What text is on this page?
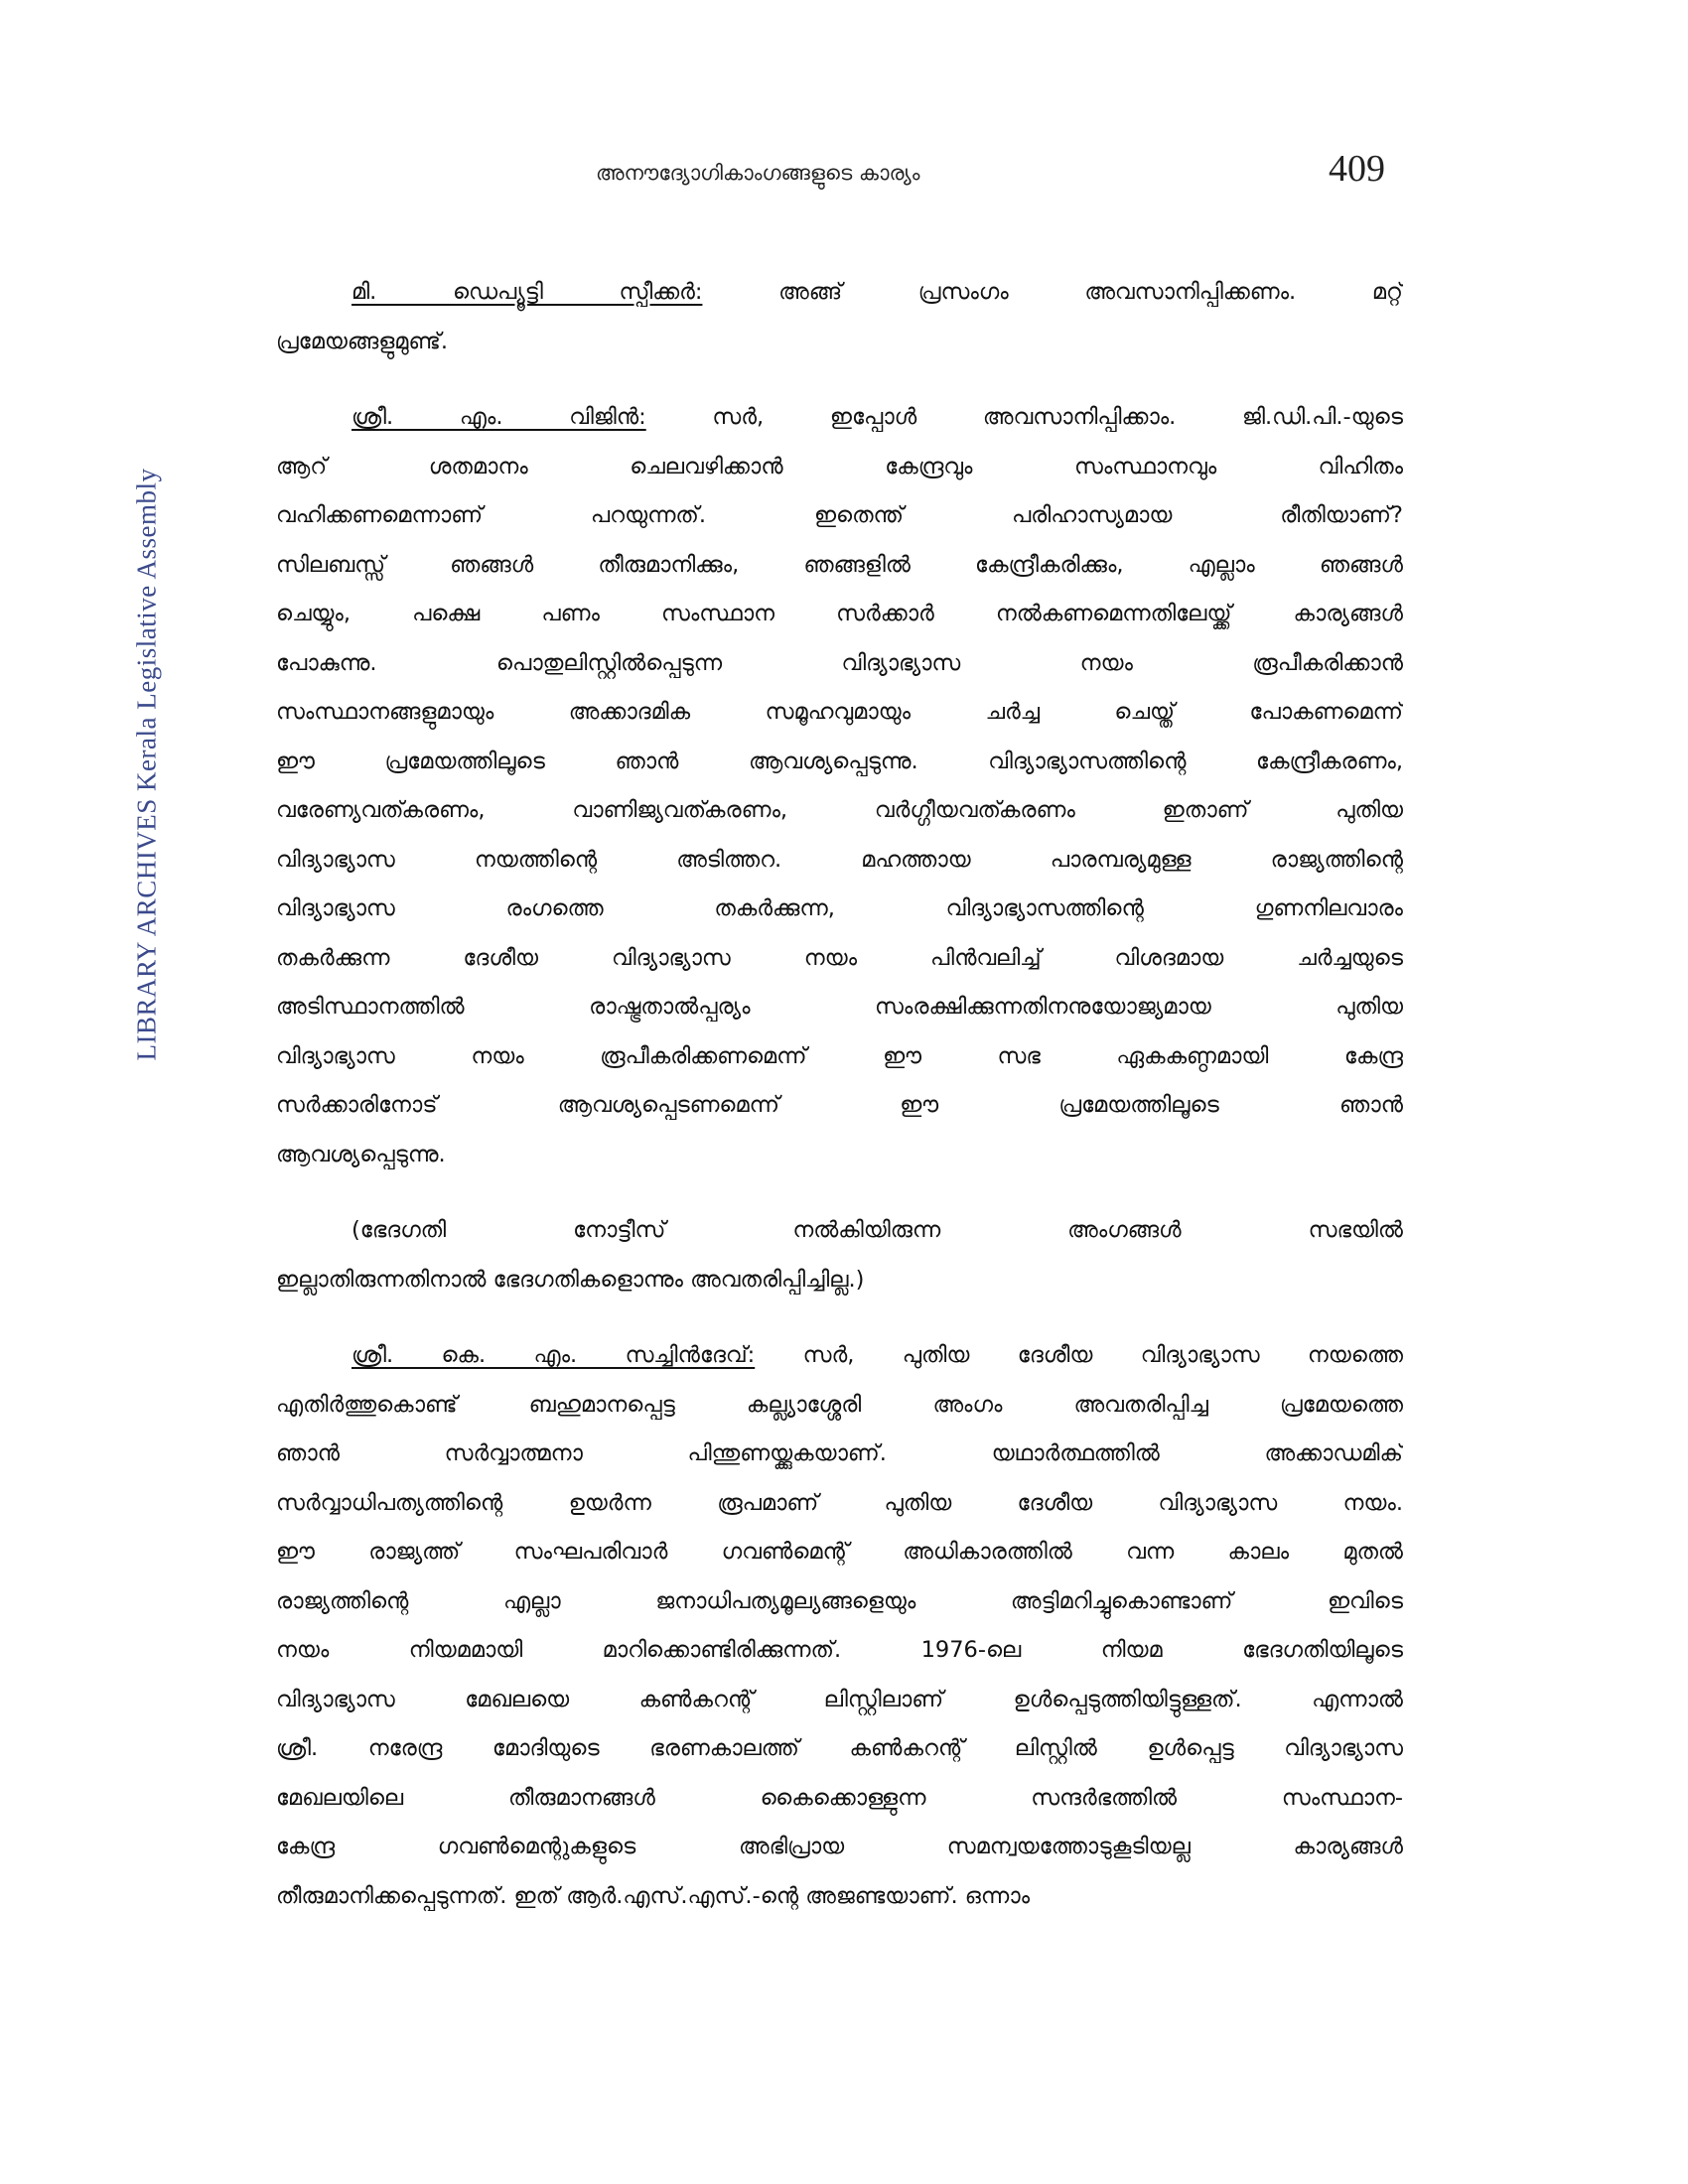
LIBRARY ARCHIVES Kerala Legislative Assembly
അനൗദ്യോഗികാംഗങ്ങളുടെ കാര്യം	409
മി. ഡെപ്യൂട്ടി സ്പീക്കർ: അങ്ങ് പ്രസംഗം അവസാനിപ്പിക്കണം. മറ്റ്
പ്രമേയങ്ങളുമുണ്ട്.
ശ്രീ. എം. വിജിൻ: സർ, ഇപ്പോൾ അവസാനിപ്പിക്കാം. ജി.ഡി.പി.-യുടെ
ആറ് ശതമാനം ചെലവഴിക്കാൻ കേന്ദ്രവും സംസ്ഥാനവും വിഹിതം
വഹിക്കണമെന്നാണ് പറയുന്നത്. ഇതെന്ത് പരിഹാസ്യമായ രീതിയാണ്?
സിലബസ്സ് ഞങ്ങൾ തീരുമാനിക്കും, ഞങ്ങളിൽ കേന്ദ്രീകരിക്കും, എല്ലാം ഞങ്ങൾ
ചെയ്യും, പക്ഷെ പണം സംസ്ഥാന സർക്കാർ നൽകണമെന്നതിലേയ്ക്ക് കാര്യങ്ങൾ
പോകുന്നു. പൊതുലിസ്റ്റിൽപ്പെടുന്ന വിദ്യാഭ്യാസ നയം രൂപീകരിക്കാൻ
സംസ്ഥാനങ്ങളുമായും അക്കാദമിക സമൂഹവുമായും ചർച്ച ചെയ്ത് പോകണമെന്ന്
ഈ പ്രമേയത്തിലൂടെ ഞാൻ ആവശ്യപ്പെടുന്നു. വിദ്യാഭ്യാസത്തിന്റെ കേന്ദ്രീകരണം,
വരേണ്യവത്കരണം, വാണിജ്യവത്കരണം, വർഗ്ഗീയവത്കരണം ഇതാണ് പുതിയ
വിദ്യാഭ്യാസ നയത്തിന്റെ അടിത്തറ. മഹത്തായ പാരമ്പര്യമുള്ള രാജ്യത്തിന്റെ
വിദ്യാഭ്യാസ രംഗത്തെ തകർക്കുന്ന, വിദ്യാഭ്യാസത്തിന്റെ ഗുണനിലവാരം
തകർക്കുന്ന ദേശീയ വിദ്യാഭ്യാസ നയം പിൻവലിച്ച് വിശദമായ ചർച്ചയുടെ
അടിസ്ഥാനത്തിൽ രാഷ്ട്രതാൽപ്പര്യം സംരക്ഷിക്കുന്നതിനനുയോജ്യമായ പുതിയ
വിദ്യാഭ്യാസ നയം രൂപീകരിക്കണമെന്ന് ഈ സഭ ഏകകണ്ഠമായി കേന്ദ്ര
സർക്കാരിനോട് ആവശ്യപ്പെടണമെന്ന് ഈ പ്രമേയത്തിലൂടെ ഞാൻ
ആവശ്യപ്പെടുന്നു.
(ഭേദഗതി നോട്ടീസ് നൽകിയിരുന്ന അംഗങ്ങൾ സഭയിൽ
ഇല്ലാതിരുന്നതിനാൽ ഭേദഗതികളൊന്നും അവതരിപ്പിച്ചില്ല.)
ശ്രീ. കെ. എം. സച്ചിൻദേവ്: സർ, പുതിയ ദേശീയ വിദ്യാഭ്യാസ നയത്തെ
എതിർത്തുകൊണ്ട് ബഹുമാനപ്പെട്ട കല്ല്യാശ്ശേരി അംഗം അവതരിപ്പിച്ച പ്രമേയത്തെ
ഞാൻ സർവ്വാത്മനാ പിന്തുണയ്ക്കുകയാണ്. യഥാർത്ഥത്തിൽ അക്കാഡമിക്
സർവ്വാധിപത്യത്തിന്റെ ഉയർന്ന രൂപമാണ് പുതിയ ദേശീയ വിദ്യാഭ്യാസ നയം.
ഈ രാജ്യത്ത് സംഘപരിവാർ ഗവൺമെന്റ് അധികാരത്തിൽ വന്ന കാലം മുതൽ
രാജ്യത്തിന്റെ എല്ലാ ജനാധിപത്യമൂല്യങ്ങളെയും അട്ടിമറിച്ചുകൊണ്ടാണ് ഇവിടെ
നയം നിയമമായി മാറിക്കൊണ്ടിരിക്കുന്നത്. 1976-ലെ നിയമ ഭേദഗതിയിലൂടെ
വിദ്യാഭ്യാസ മേഖലയെ കൺകറന്റ് ലിസ്റ്റിലാണ് ഉൾപ്പെടുത്തിയിട്ടുള്ളത്. എന്നാൽ
ശ്രീ. നരേന്ദ്ര മോദിയുടെ ഭരണകാലത്ത് കൺകറന്റ് ലിസ്റ്റിൽ ഉൾപ്പെട്ട വിദ്യാഭ്യാസ
മേഖലയിലെ തീരുമാനങ്ങൾ കൈക്കൊള്ളുന്ന സന്ദർഭത്തിൽ സംസ്ഥാന-
കേന്ദ്ര ഗവൺമെന്റുകളുടെ അഭിപ്രായ സമന്വയത്തോടുകൂടിയല്ല കാര്യങ്ങൾ
തീരുമാനിക്കപ്പെടുന്നത്. ഇത് ആർ.എസ്.എസ്.-ന്റെ അജണ്ടയാണ്. ഒന്നാം
